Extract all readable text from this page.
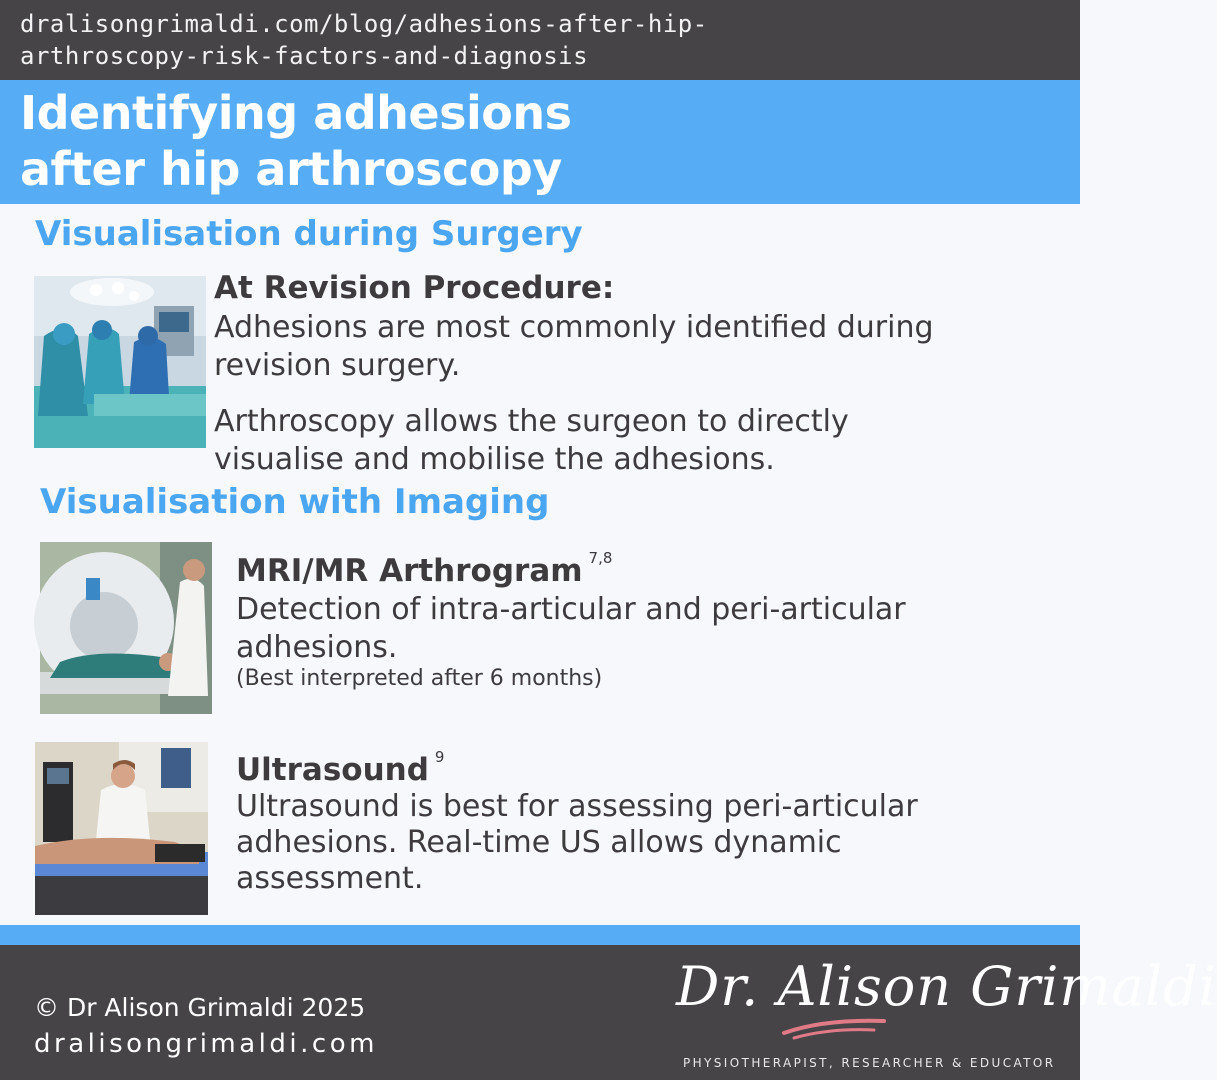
dralisongrimaldi.com/blog/adhesions-after-hip-
arthroscopy-risk-factors-and-diagnosis
Identifying adhesions
after hip arthroscopy
Visualisation during Surgery
At Revision Procedure:

Adhesions are most commonly identified during revision surgery.

Arthroscopy allows the surgeon to directly visualise and mobilise the adhesions.

Visualisation with Imaging
MRI/MR Arthrogram $^{7,8}$

Detection of intra-articular and peri-articular adhesions.

(Best interpreted after 6 months)
Ultrasound $^9$

Ultrasound is best for assessing peri-articular adhesions. Real-time US allows dynamic assessment.

© Dr Alison Grimaldi 2025
dralisongrimaldi.com
Dr. Alison Grimaldi
PHYSIOTHERAPIST, RESEARCHER & EDUCATOR
